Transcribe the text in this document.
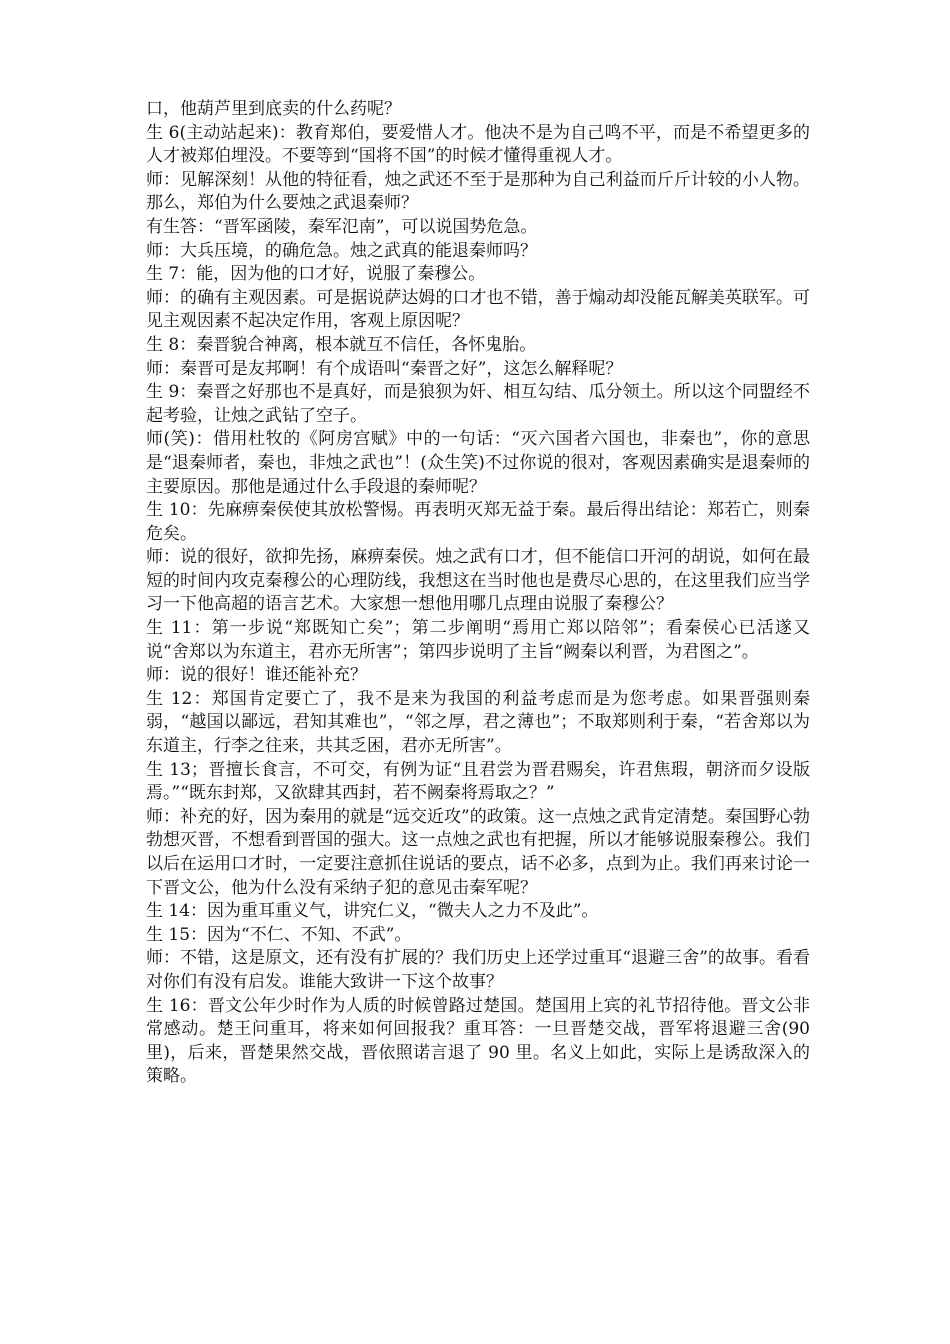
口，他葫芦里到底卖的什么药呢？

生 6(主动站起来)：教育郑伯，要爱惜人才。他决不是为自己鸣不平，而是不希望更多的人才被郑伯埋没。不要等到“国将不国”的时候才懂得重视人才。

师：见解深刻！从他的特征看，烛之武还不至于是那种为自己利益而斤斤计较的小人物。那么，郑伯为什么要烛之武退秦师？

有生答：“晋军函陵，秦军氾南”，可以说国势危急。

师：大兵压境，的确危急。烛之武真的能退秦师吗？

生 7：能，因为他的口才好，说服了秦穆公。

师：的确有主观因素。可是据说萨达姆的口才也不错，善于煽动却没能瓦解美英联军。可见主观因素不起决定作用，客观上原因呢？

生 8：秦晋貌合神离，根本就互不信任，各怀鬼胎。

师：秦晋可是友邦啊！有个成语叫“秦晋之好”，这怎么解释呢？

生 9：秦晋之好那也不是真好，而是狼狈为奸、相互勾结、瓜分领土。所以这个同盟经不起考验，让烛之武钻了空子。

师(笑)：借用杜牧的《阿房宫赋》中的一句话：“灭六国者六国也，非秦也”，你的意思是“退秦师者，秦也，非烛之武也”！(众生笑)不过你说的很对，客观因素确实是退秦师的主要原因。那他是通过什么手段退的秦师呢？

生 10：先麻痹秦侯使其放松警惕。再表明灭郑无益于秦。最后得出结论：郑若亡，则秦危矣。

师：说的很好，欲抑先扬，麻痹秦侯。烛之武有口才，但不能信口开河的胡说，如何在最短的时间内攻克秦穆公的心理防线，我想这在当时他也是费尽心思的，在这里我们应当学习一下他高超的语言艺术。大家想一想他用哪几点理由说服了秦穆公？

生 11：第一步说“郑既知亡矣”；第二步阐明“焉用亡郑以陪邻”；看秦侯心已活遂又说“舍郑以为东道主，君亦无所害”；第四步说明了主旨“阙秦以利晋，为君图之”。

师：说的很好！谁还能补充？

生 12：郑国肯定要亡了，我不是来为我国的利益考虑而是为您考虑。如果晋强则秦弱，“越国以鄙远，君知其难也”，“邻之厚，君之薄也”；不取郑则利于秦，“若舍郑以为东道主，行李之往来，共其乏困，君亦无所害”。

生 13；晋擅长食言，不可交，有例为证“且君尝为晋君赐矣，许君焦瑕，朝济而夕设版焉。”“既东封郑，又欲肆其西封，若不阙秦将焉取之？”

师：补充的好，因为秦用的就是“远交近攻”的政策。这一点烛之武肯定清楚。秦国野心勃勃想灭晋，不想看到晋国的强大。这一点烛之武也有把握，所以才能够说服秦穆公。我们以后在运用口才时，一定要注意抓住说话的要点，话不必多，点到为止。我们再来讨论一下晋文公，他为什么没有采纳子犯的意见击秦军呢？

生 14：因为重耳重义气，讲究仁义，“微夫人之力不及此”。

生 15：因为“不仁、不知、不武”。

师：不错，这是原文，还有没有扩展的？我们历史上还学过重耳“退避三舍”的故事。看看对你们有没有启发。谁能大致讲一下这个故事？

生 16：晋文公年少时作为人质的时候曾路过楚国。楚国用上宾的礼节招待他。晋文公非常感动。楚王问重耳，将来如何回报我？重耳答：一旦晋楚交战，晋军将退避三舍(90 里)，后来，晋楚果然交战，晋依照诺言退了 90 里。名义上如此，实际上是诱敌深入的策略。
